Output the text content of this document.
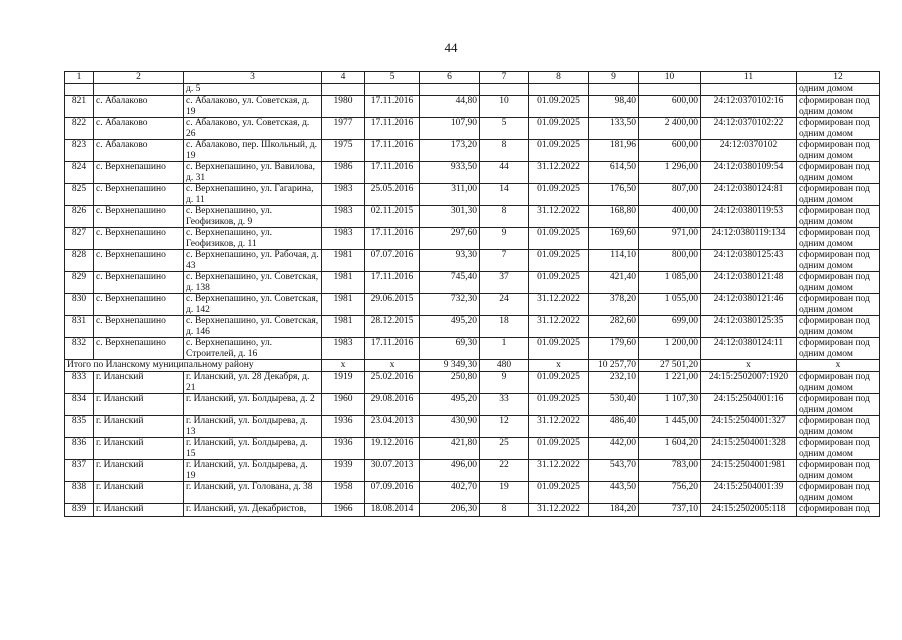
44
1	2	3	4	5	6	7	8	9	10	11	12
		д. 5									одним домом
821	с. Абалаково	с. Абалаково, ул. Советская, д. 19	1980	17.11.2016	44,80	10	01.09.2025	98,40	600,00	24:12:0370102:16	сформирован под одним домом
822	с. Абалаково	с. Абалаково, ул. Советская, д. 26	1977	17.11.2016	107,90	5	01.09.2025	133,50	2 400,00	24:12:0370102:22	сформирован под одним домом
823	с. Абалаково	с. Абалаково, пер. Школьный, д. 19	1975	17.11.2016	173,20	8	01.09.2025	181,96	600,00	24:12:0370102	сформирован под одним домом
824	с. Верхнепашино	с. Верхнепашино, ул. Вавилова, д. 31	1986	17.11.2016	933,50	44	31.12.2022	614,50	1 296,00	24:12:0380109:54	сформирован под одним домом
825	с. Верхнепашино	с. Верхнепашино, ул. Гагарина, д. 11	1983	25.05.2016	311,00	14	01.09.2025	176,50	807,00	24:12:0380124:81	сформирован под одним домом
826	с. Верхнепашино	с. Верхнепашино, ул. Геофизиков, д. 9	1983	02.11.2015	301,30	8	31.12.2022	168,80	400,00	24:12:0380119:53	сформирован под одним домом
827	с. Верхнепашино	с. Верхнепашино, ул. Геофизиков, д. 11	1983	17.11.2016	297,60	9	01.09.2025	169,60	971,00	24:12:0380119:134	сформирован под одним домом
828	с. Верхнепашино	с. Верхнепашино, ул. Рабочая, д. 43	1981	07.07.2016	93,30	7	01.09.2025	114,10	800,00	24:12:0380125:43	сформирован под одним домом
829	с. Верхнепашино	с. Верхнепашино, ул. Советская, д. 138	1981	17.11.2016	745,40	37	01.09.2025	421,40	1 085,00	24:12:0380121:48	сформирован под одним домом
830	с. Верхнепашино	с. Верхнепашино, ул. Советская, д. 142	1981	29.06.2015	732,30	24	31.12.2022	378,20	1 055,00	24:12:0380121:46	сформирован под одним домом
831	с. Верхнепашино	с. Верхнепашино, ул. Советская, д. 146	1981	28.12.2015	495,20	18	31.12.2022	282,60	699,00	24:12:0380125:35	сформирован под одним домом
832	с. Верхнепашино	с. Верхнепашино, ул. Строителей, д. 16	1983	17.11.2016	69,30	1	01.09.2025	179,60	1 200,00	24:12:0380124:11	сформирован под одним домом
Итого по Иланскому муниципальному району			x	x	9 349,30	480	x	10 257,70	27 501,20	x	x
833	г. Иланский	г. Иланский, ул. 28 Декабря, д. 21	1919	25.02.2016	250,80	9	01.09.2025	232,10	1 221,00	24:15:2502007:1920	сформирован под одним домом
834	г. Иланский	г. Иланский, ул. Болдырева, д. 2	1960	29.08.2016	495,20	33	01.09.2025	530,40	1 107,30	24:15:2504001:16	сформирован под одним домом
835	г. Иланский	г. Иланский, ул. Болдырева, д. 13	1936	23.04.2013	430,90	12	31.12.2022	486,40	1 445,00	24:15:2504001:327	сформирован под одним домом
836	г. Иланский	г. Иланский, ул. Болдырева, д. 15	1936	19.12.2016	421,80	25	01.09.2025	442,00	1 604,20	24:15:2504001:328	сформирован под одним домом
837	г. Иланский	г. Иланский, ул. Болдырева, д. 19	1939	30.07.2013	496,00	22	31.12.2022	543,70	783,00	24:15:2504001:981	сформирован под одним домом
838	г. Иланский	г. Иланский, ул. Голована, д. 38	1958	07.09.2016	402,70	19	01.09.2025	443,50	756,20	24:15:2504001:39	сформирован под одним домом
839	г. Иланский	г. Иланский, ул. Декабристов,	1966	18.08.2014	206,30	8	31.12.2022	184,20	737,10	24:15:2502005:118	сформирован под
